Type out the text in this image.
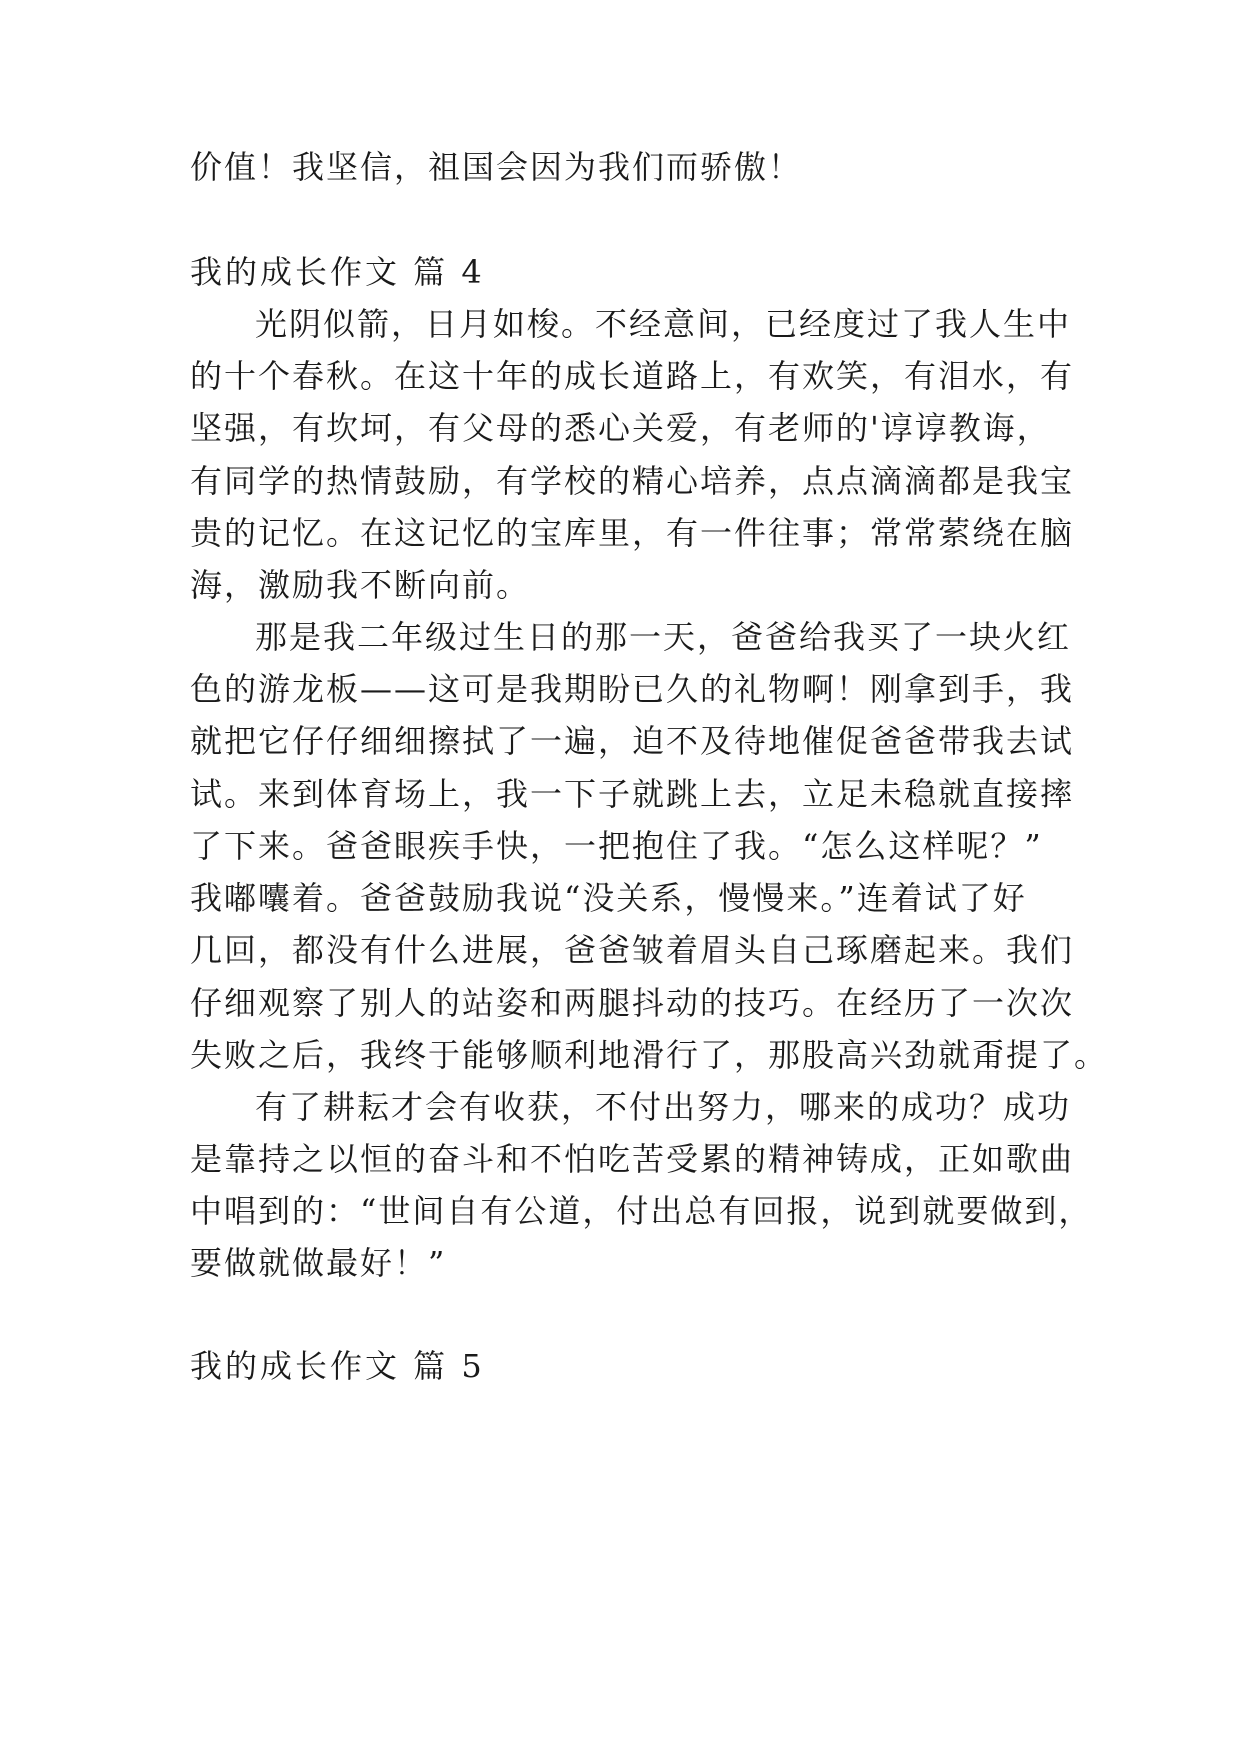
价值！我坚信，祖国会因为我们而骄傲！
我的成长作文 篇 4
光阴似箭，日月如梭。不经意间，已经度过了我人生中
的十个春秋。在这十年的成长道路上，有欢笑，有泪水，有
坚强，有坎坷，有父母的悉心关爱，有老师的'谆谆教诲，
有同学的热情鼓励，有学校的精心培养，点点滴滴都是我宝
贵的记忆。在这记忆的宝库里，有一件往事；常常萦绕在脑
海，激励我不断向前。
那是我二年级过生日的那一天，爸爸给我买了一块火红
色的游龙板——这可是我期盼已久的礼物啊！刚拿到手，我
就把它仔仔细细擦拭了一遍，迫不及待地催促爸爸带我去试
试。来到体育场上，我一下子就跳上去，立足未稳就直接摔
了下来。爸爸眼疾手快，一把抱住了我。“怎么这样呢？”
我嘟囔着。爸爸鼓励我说“没关系，慢慢来。”连着试了好
几回，都没有什么进展，爸爸皱着眉头自己琢磨起来。我们
仔细观察了别人的站姿和两腿抖动的技巧。在经历了一次次
失败之后，我终于能够顺利地滑行了，那股高兴劲就甭提了。
有了耕耘才会有收获，不付出努力，哪来的成功？成功
是靠持之以恒的奋斗和不怕吃苦受累的精神铸成，正如歌曲
中唱到的：“世间自有公道，付出总有回报，说到就要做到，
要做就做最好！”
我的成长作文 篇 5
